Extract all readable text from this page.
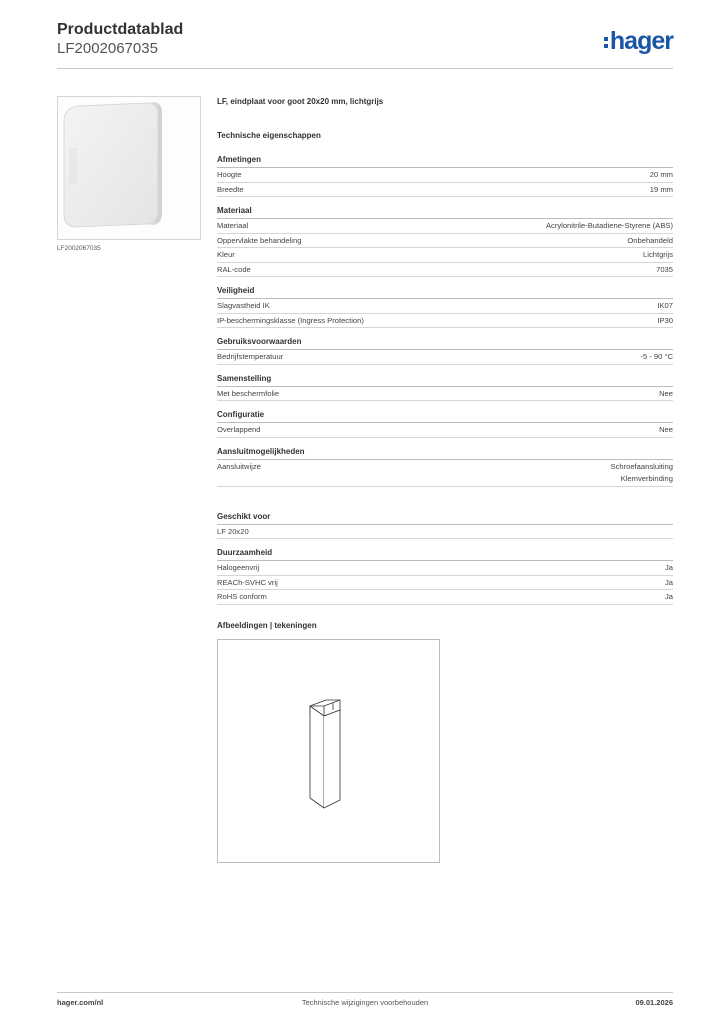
Productdatablad
LF2002067035	hager
LF2002067035
LF, eindplaat voor goot 20x20 mm, lichtgrijs
Technische eigenschappen
Afmetingen
Hoogte	20 mm
Breedte	19 mm
Materiaal
Materiaal	Acrylonitrile-Butadiene-Styrene (ABS)
Oppervlakte behandeling	Onbehandeld
Kleur	Lichtgrijs
RAL-code	7035
Veiligheid
Slagvastheid IK	IK07
IP-beschermingsklasse (Ingress Protection)	IP30
Gebruiksvoorwaarden
Bedrijfstemperatuur	-5 - 90 °C
Samenstelling
Met beschermfolie	Nee
Configuratie
Overlappend	Nee
Aansluitmogelijkheden
Aansluitwijze	Schroefaansluiting
Klemverbinding
Geschikt voor
LF 20x20
Duurzaamheid
Halogeenvrij	Ja
REACh-SVHC vrij	Ja
RoHS conform	Ja
Afbeeldingen | tekeningen
hager.com/nl	Technische wijzigingen voorbehouden	09.01.2026
